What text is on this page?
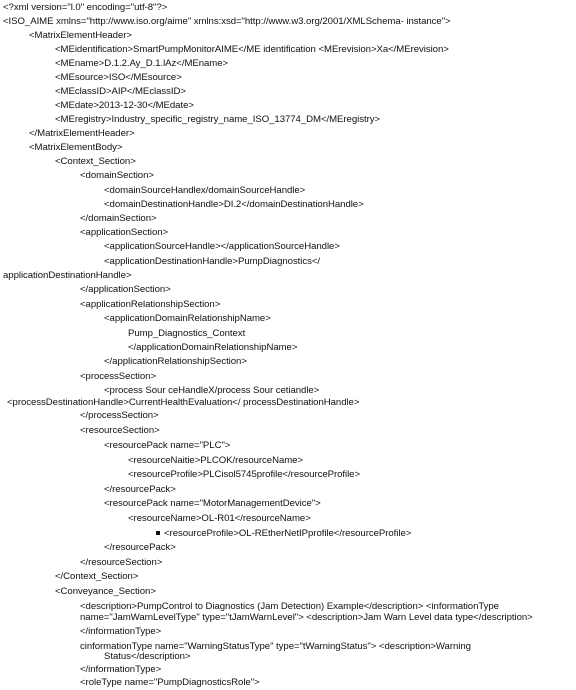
<?xml version="l.0" encoding="utf-8"?>
<ISO_AIME xmlns="http://www.iso.org/aime" xmlns:xsd="http://www.w3.org/2001/XMLSchema- instance">
<MatrixElementHeader>
<MEidentification>SmartPumpMonitorAIME</ME identification <MErevision>Xa</MErevision>
<MEname>D.1.2.Ay_D.1.lAz</MEname>
<MEsource>ISO</MEsource>
<MEclassID>AIP</MEclassID>
<MEdate>2013-12-30</MEdate>
<MEregistry>Industry_specific_registry_name_ISO_13774_DM</MEregistry>
</MatrixElementHeader>
<MatrixElementBody>
<Context_Section>
<domainSection>
<domainSourceHandlex/domainSourceHandle>
<domainDestinationHandle>DI.2</domainDestinationHandle>
</domainSection>
<applicationSection>
<applicationSourceHandle></applicationSourceHandle>
<applicationDestinationHandle>PumpDiagnostics</
applicationDestinationHandle>
</applicationSection>
<applicationRelationshipSection>
<applicationDomainRelationshipName>
Pump_Diagnostics_Context
</applicationDomainRelationshipName>
</applicationRelationshipSection>
<processSection>
<process Sour ceHandleX/process Sour cetiandle>
<processDestinationHandle>CurrentHealthEvaluation</ processDestinationHandle>
</processSection>
<resourceSection>
<resourcePack name="PLC">
<resourceNaitie>PLCOK/resourceName>
<resourceProfile>PLCisol5745profile</resourceProfile>
</resourcePack>
<resourcePack name="MotorManagementDevice">
<resourceName>OL-R01</resourceName>
<resourceProfile>OL-REtherNetIPprofile</resourceProfile>
</resourcePack>
</resourceSection>
</Context_Section>
<Conveyance_Section>
<description>PumpControl to Diagnostics (Jam Detection) Example</description> <informationType
name="JamWarnLevelType" type="tJamWarnLevel"> <description>Jam Warn Level data type</description>
</informationType>
cinformationType name="WarningStatusType" type="tWarningStatus"> <description>Warning
Status</description>
</informationType>
<roleType name="PumpDiagnosticsRole">
